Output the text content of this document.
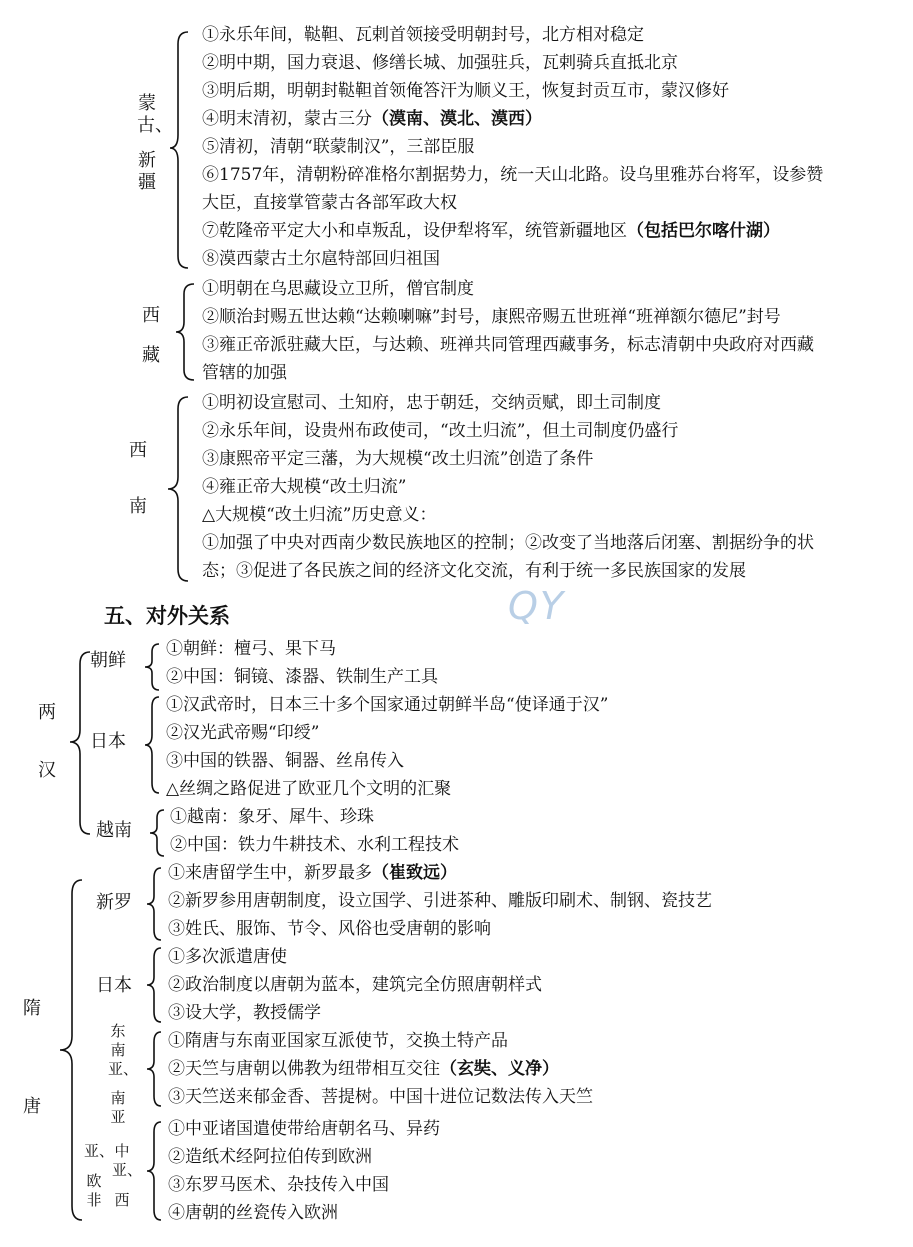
蒙古、
新疆
①永乐年间，鞑靼、瓦剌首领接受明朝封号，北方相对稳定
②明中期，国力衰退、修缮长城、加强驻兵，瓦剌骑兵直抵北京
③明后期，明朝封鞑靼首领俺答汗为顺义王，恢复封贡互市，蒙汉修好
④明末清初，蒙古三分（漠南、漠北、漠西）
⑤清初，清朝“联蒙制汉”，三部臣服
⑥1757年，清朝粉碎准格尔割据势力，统一天山北路。设乌里雅苏台将军，设参赞
大臣，直接掌管蒙古各部军政大权
⑦乾隆帝平定大小和卓叛乱，设伊犁将军，统管新疆地区（包括巴尔喀什湖）
⑧漠西蒙古土尔扈特部回归祖国
西
藏
①明朝在乌思藏设立卫所，僧官制度
②顺治封赐五世达赖“达赖喇嘛”封号，康熙帝赐五世班禅“班禅额尔德尼”封号
③雍正帝派驻藏大臣，与达赖、班禅共同管理西藏事务，标志清朝中央政府对西藏
管辖的加强
西
南
①明初设宣慰司、土知府，忠于朝廷，交纳贡赋，即土司制度
②永乐年间，设贵州布政使司，“改土归流”，但土司制度仍盛行
③康熙帝平定三藩，为大规模“改土归流”创造了条件
④雍正帝大规模“改土归流”
△大规模“改土归流”历史意义：
①加强了中央对西南少数民族地区的控制；②改变了当地落后闭塞、割据纷争的状
态；③促进了各民族之间的经济文化交流，有利于统一多民族国家的发展
五、对外关系	QY
两
汉
朝鲜
①朝鲜：檀弓、果下马
②中国：铜镜、漆器、铁制生产工具
日本
①汉武帝时，日本三十多个国家通过朝鲜半岛“使译通于汉”
②汉光武帝赐“印绶”
③中国的铁器、铜器、丝帛传入
△丝绸之路促进了欧亚几个文明的汇聚
越南
①越南：象牙、犀牛、珍珠
②中国：铁力牛耕技术、水利工程技术
隋
唐
新罗
①来唐留学生中，新罗最多（崔致远）
②新罗参用唐朝制度，设立国学、引进茶种、雕版印刷术、制钢、瓷技艺
③姓氏、服饰、节令、风俗也受唐朝的影响
日本
①多次派遣唐使
②政治制度以唐朝为蓝本，建筑完全仿照唐朝样式
③设大学，教授儒学
东
南
亚、
南
亚
①隋唐与东南亚国家互派使节，交换土特产品
②天竺与唐朝以佛教为纽带相互交往（玄奘、义净）
③天竺送来郁金香、菩提树。中国十进位记数法传入天竺
亚、
欧
非
中
亚、
西
①中亚诸国遣使带给唐朝名马、异药
②造纸术经阿拉伯传到欧洲
③东罗马医术、杂技传入中国
④唐朝的丝瓷传入欧洲
